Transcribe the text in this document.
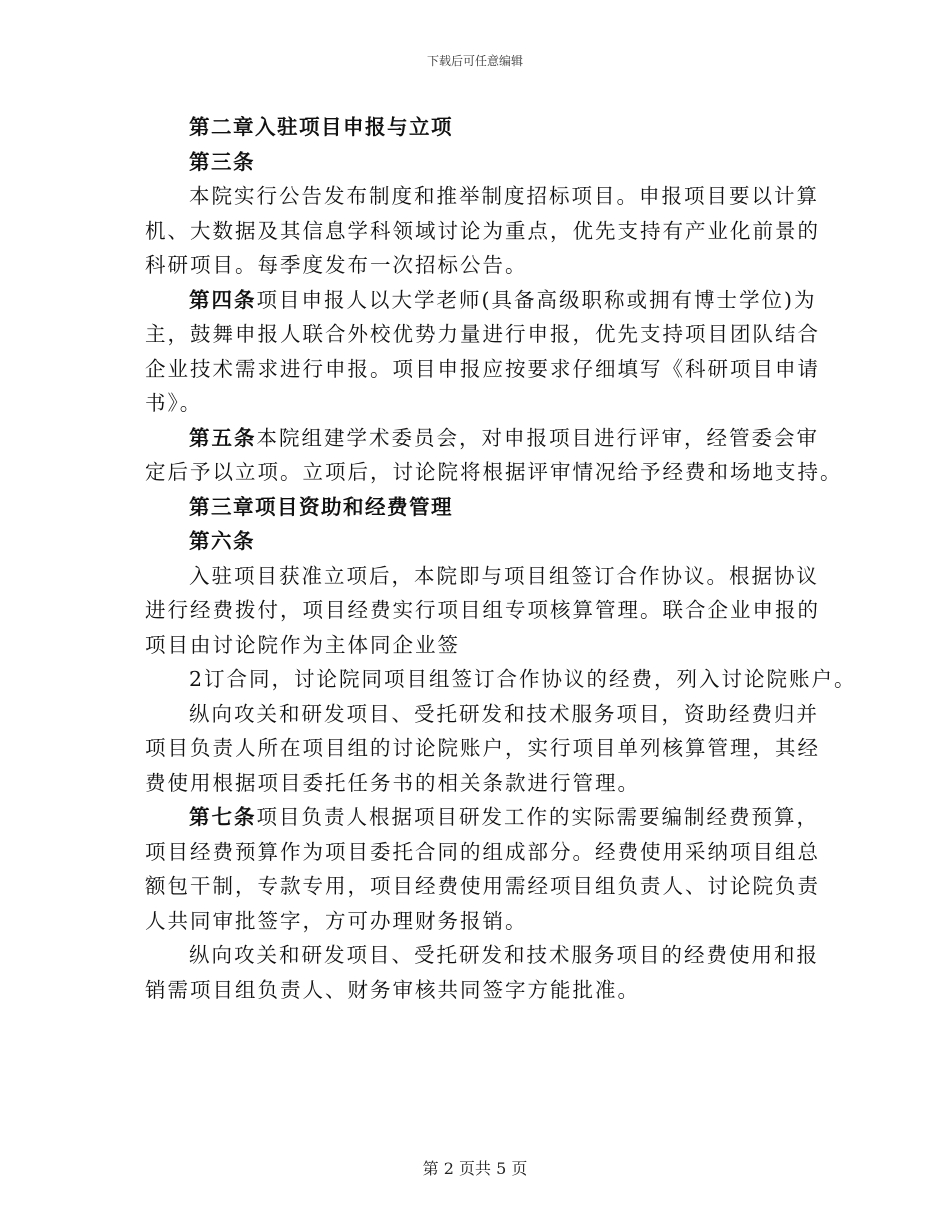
下载后可任意编辑
第二章入驻项目申报与立项
第三条
本院实行公告发布制度和推举制度招标项目。申报项目要以计算
机、大数据及其信息学科领域讨论为重点，优先支持有产业化前景的
科研项目。每季度发布一次招标公告。
第四条项目申报人以大学老师(具备高级职称或拥有博士学位)为
主，鼓舞申报人联合外校优势力量进行申报，优先支持项目团队结合
企业技术需求进行申报。项目申报应按要求仔细填写《科研项目申请
书》。
第五条本院组建学术委员会，对申报项目进行评审，经管委会审
定后予以立项。立项后，讨论院将根据评审情况给予经费和场地支持。
第三章项目资助和经费管理
第六条
入驻项目获准立项后，本院即与项目组签订合作协议。根据协议
进行经费拨付，项目经费实行项目组专项核算管理。联合企业申报的
项目由讨论院作为主体同企业签
2订合同，讨论院同项目组签订合作协议的经费，列入讨论院账户。
纵向攻关和研发项目、受托研发和技术服务项目，资助经费归并
项目负责人所在项目组的讨论院账户，实行项目单列核算管理，其经
费使用根据项目委托任务书的相关条款进行管理。
第七条项目负责人根据项目研发工作的实际需要编制经费预算，
项目经费预算作为项目委托合同的组成部分。经费使用采纳项目组总
额包干制，专款专用，项目经费使用需经项目组负责人、讨论院负责
人共同审批签字，方可办理财务报销。
纵向攻关和研发项目、受托研发和技术服务项目的经费使用和报
销需项目组负责人、财务审核共同签字方能批准。
第 2 页共 5 页
